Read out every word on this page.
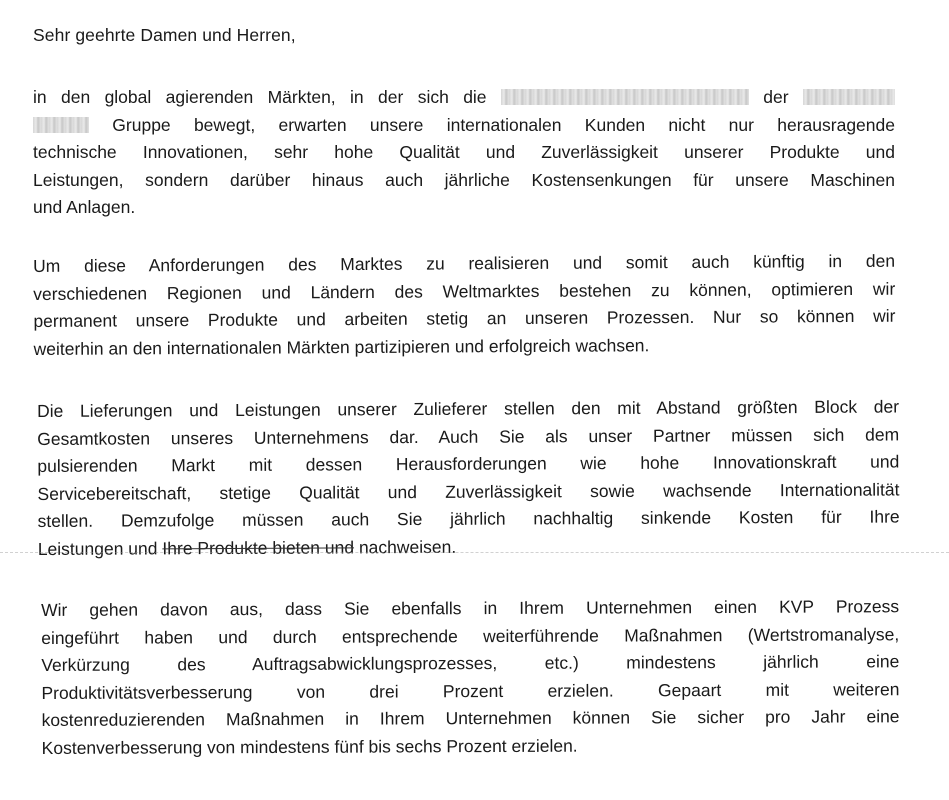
Sehr geehrte Damen und Herren,
in den global agierenden Märkten, in der sich die	der
Gruppe bewegt, erwarten unsere internationalen Kunden nicht nur herausragende
technische Innovationen, sehr hohe Qualität und Zuverlässigkeit unserer Produkte und
Leistungen, sondern darüber hinaus auch jährliche Kostensenkungen für unsere Maschinen
und Anlagen.
Um diese Anforderungen des Marktes zu realisieren und somit auch künftig in den
verschiedenen Regionen und Ländern des Weltmarktes bestehen zu können, optimieren wir
permanent unsere Produkte und arbeiten stetig an unseren Prozessen. Nur so können wir
weiterhin an den internationalen Märkten partizipieren und erfolgreich wachsen.
Die Lieferungen und Leistungen unserer Zulieferer stellen den mit Abstand größten Block der
Gesamtkosten unseres Unternehmens dar. Auch Sie als unser Partner müssen sich dem
pulsierenden Markt mit dessen Herausforderungen wie hohe Innovationskraft und
Servicebereitschaft, stetige Qualität und Zuverlässigkeit sowie wachsende Internationalität
stellen. Demzufolge müssen auch Sie jährlich nachhaltig sinkende Kosten für Ihre
Leistungen und Ihre Produkte bieten und nachweisen.
Wir gehen davon aus, dass Sie ebenfalls in Ihrem Unternehmen einen KVP Prozess
eingeführt haben und durch entsprechende weiterführende Maßnahmen (Wertstromanalyse,
Verkürzung des Auftragsabwicklungsprozesses, etc.) mindestens jährlich eine
Produktivitätsverbesserung von drei Prozent erzielen. Gepaart mit weiteren
kostenreduzierenden Maßnahmen in Ihrem Unternehmen können Sie sicher pro Jahr eine
Kostenverbesserung von mindestens fünf bis sechs Prozent erzielen.
